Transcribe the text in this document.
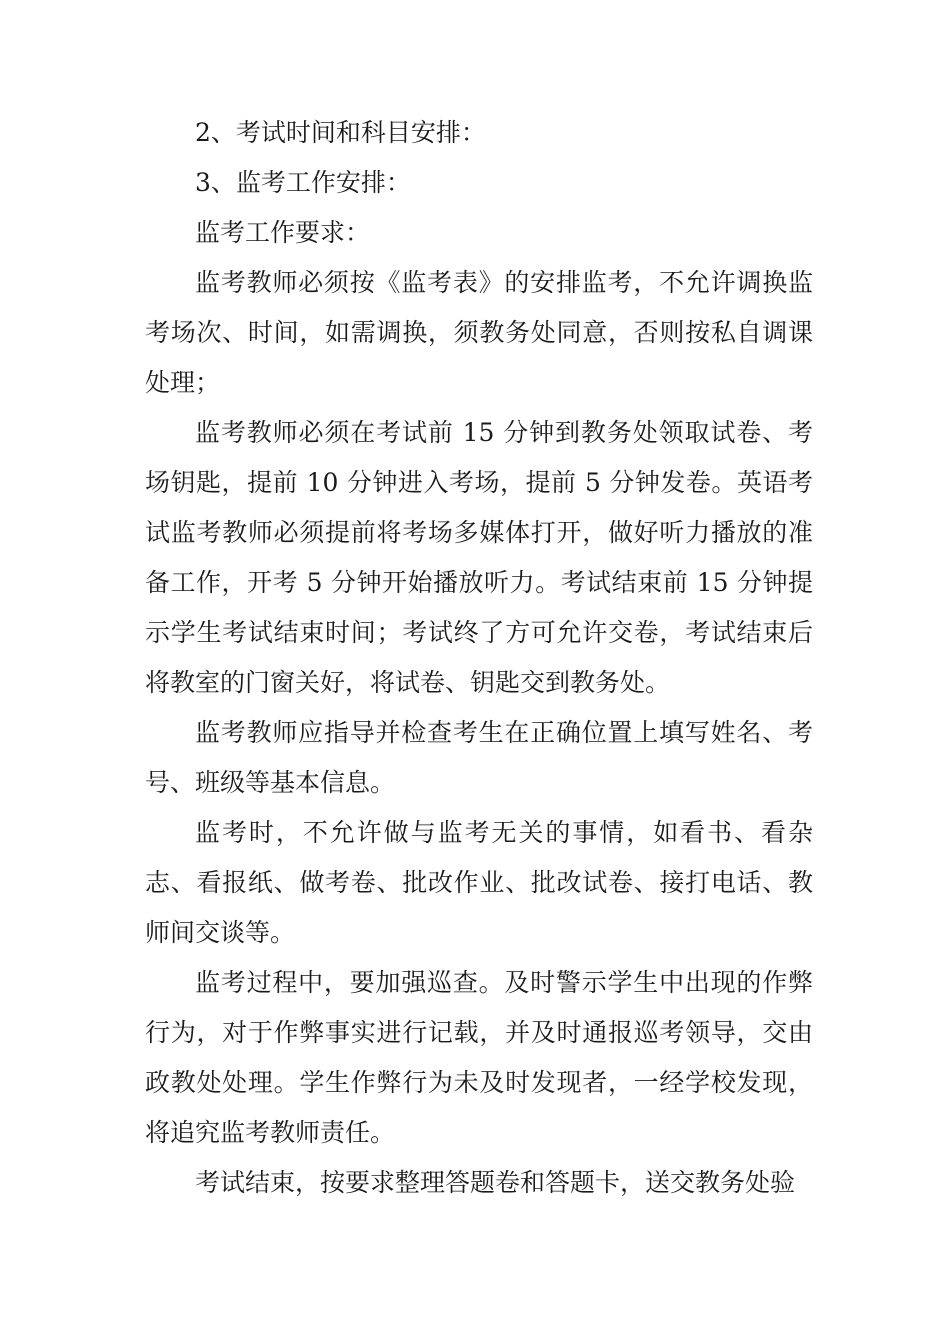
2、考试时间和科目安排：

3、监考工作安排：

监考工作要求：

监考教师必须按《监考表》的安排监考，不允许调换监考场次、时间，如需调换，须教务处同意，否则按私自调课处理；

监考教师必须在考试前 15 分钟到教务处领取试卷、考场钥匙，提前 10 分钟进入考场，提前 5 分钟发卷。英语考试监考教师必须提前将考场多媒体打开，做好听力播放的准备工作，开考 5 分钟开始播放听力。考试结束前 15 分钟提示学生考试结束时间；考试终了方可允许交卷，考试结束后将教室的门窗关好，将试卷、钥匙交到教务处。

监考教师应指导并检查考生在正确位置上填写姓名、考号、班级等基本信息。

监考时，不允许做与监考无关的事情，如看书、看杂志、看报纸、做考卷、批改作业、批改试卷、接打电话、教师间交谈等。

监考过程中，要加强巡查。及时警示学生中出现的作弊行为，对于作弊事实进行记载，并及时通报巡考领导，交由政教处处理。学生作弊行为未及时发现者，一经学校发现，将追究监考教师责任。

考试结束，按要求整理答题卷和答题卡，送交教务处验
